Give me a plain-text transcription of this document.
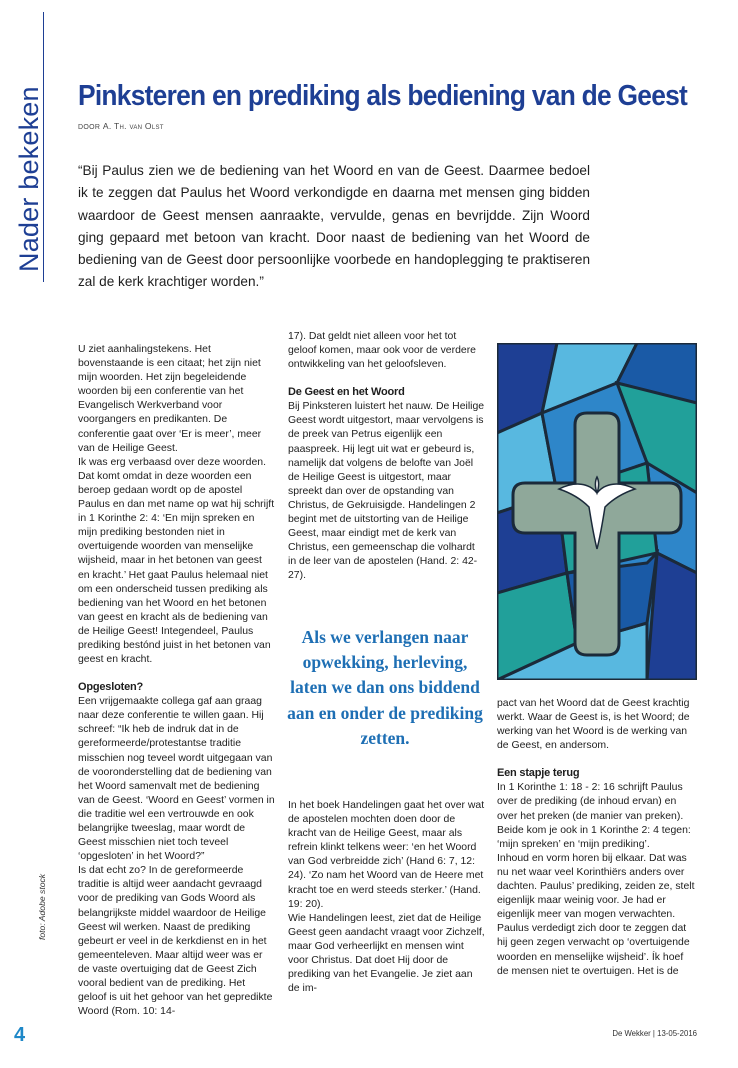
Nader bekeken Pinksteren en prediking als bediening van de Geest
DOOR A. Th. van Olst

“Bij Paulus zien we de bediening van het Woord en van de Geest. Daarmee bedoel ik te zeggen dat Paulus het Woord verkondigde en daarna met mensen ging bidden waardoor de Geest mensen aanraakte, vervulde, genas en bevrijdde. Zijn Woord ging gepaard met betoon van kracht. Door naast de bediening van het Woord de bediening van de Geest door persoonlijke voorbede en handoplegging te praktiseren zal de kerk krachtiger worden.”

U ziet aanhalingstekens. Het bovenstaande is een citaat; het zijn niet mijn woorden. Het zijn begeleidende woorden bij een conferentie van het Evangelisch Werkverband voor voorgangers en predikanten. De conferentie gaat over ‘Er is meer’, meer van de Heilige Geest.

Ik was erg verbaasd over deze woorden. Dat komt omdat in deze woorden een beroep gedaan wordt op de apostel Paulus en dan met name op wat hij schrijft in 1 Korinthe 2: 4: ‘En mijn spreken en mijn prediking bestonden niet in overtuigende woorden van menselijke wijsheid, maar in het betonen van geest en kracht.’ Het gaat Paulus helemaal niet om een onderscheid tussen prediking als bediening van het Woord en het betonen van geest en kracht als de bediening van de Heilige Geest! Integendeel, Paulus prediking bestónd juist in het betonen van geest en kracht.

Opgesloten?

Een vrijgemaakte collega gaf aan graag naar deze conferentie te willen gaan. Hij schreef: “Ik heb de indruk dat in de gereformeerde/protestantse traditie misschien nog teveel wordt uitgegaan van de vooronderstelling dat de bediening van het Woord samenvalt met de bediening van de Geest. ‘Woord en Geest’ vormen in die traditie wel een vertrouwde en ook belangrijke tweeslag, maar wordt de Geest misschien niet toch teveel ‘opgesloten’ in het Woord?”

Is dat echt zo? In de gereformeerde traditie is altijd weer aandacht gevraagd voor de prediking van Gods Woord als belangrijkste middel waardoor de Heilige Geest wil werken. Naast de prediking gebeurt er veel in de kerkdienst en in het gemeenteleven. Maar altijd weer was er de vaste overtuiging dat de Geest Zich vooral bedient van de prediking. Het geloof is uit het gehoor van het gepredikte Woord (Rom. 10: 14-

17). Dat geldt niet alleen voor het tot geloof komen, maar ook voor de verdere ontwikkeling van het geloofsleven.

De Geest en het Woord

Bij Pinksteren luistert het nauw. De Heilige Geest wordt uitgestort, maar vervolgens is de preek van Petrus eigenlijk een paaspreek. Hij legt uit wat er gebeurd is, namelijk dat volgens de belofte van Joël de Heilige Geest is uitgestort, maar spreekt dan over de opstanding van Christus, de Gekruisigde. Handelingen 2 begint met de uitstorting van de Heilige Geest, maar eindigt met de kerk van Christus, een gemeenschap die volhardt in de leer van de apostelen (Hand. 2: 42-27).

Als we verlangen naar opwekking, herleving, laten we dan ons biddend aan en onder de prediking zetten.

In het boek Handelingen gaat het over wat de apostelen mochten doen door de kracht van de Heilige Geest, maar als refrein klinkt telkens weer: ‘en het Woord van God verbreidde zich’ (Hand 6: 7, 12: 24). ‘Zo nam het Woord van de Heere met kracht toe en werd steeds sterker.’ (Hand. 19: 20).

Wie Handelingen leest, ziet dat de Heilige Geest geen aandacht vraagt voor Zichzelf, maar God verheerlijkt en mensen wint voor Christus. Dat doet Hij door de prediking van het Evangelie. Je ziet aan de im-

pact van het Woord dat de Geest krachtig werkt. Waar de Geest is, is het Woord; de werking van het Woord is de werking van de Geest, en andersom.

Een stapje terug

In 1 Korinthe 1: 18 - 2: 16 schrijft Paulus over de prediking (de inhoud ervan) en over het preken (de manier van preken). Beide kom je ook in 1 Korinthe 2: 4 tegen: ‘mijn spreken’ en ‘mijn prediking’.

Inhoud en vorm horen bij elkaar. Dat was nu net waar veel Korinthiërs anders over dachten. Paulus’ prediking, zeiden ze, stelt eigenlijk maar weinig voor. Je had er eigenlijk meer van mogen verwachten. Paulus verdedigt zich door te zeggen dat hij geen zegen verwacht op ‘overtuigende woorden en menselijke wijsheid’. Ík hoef de mensen niet te overtuigen. Het is de

foto: Adobe stock
4	De Wekker | 13-05-2016
